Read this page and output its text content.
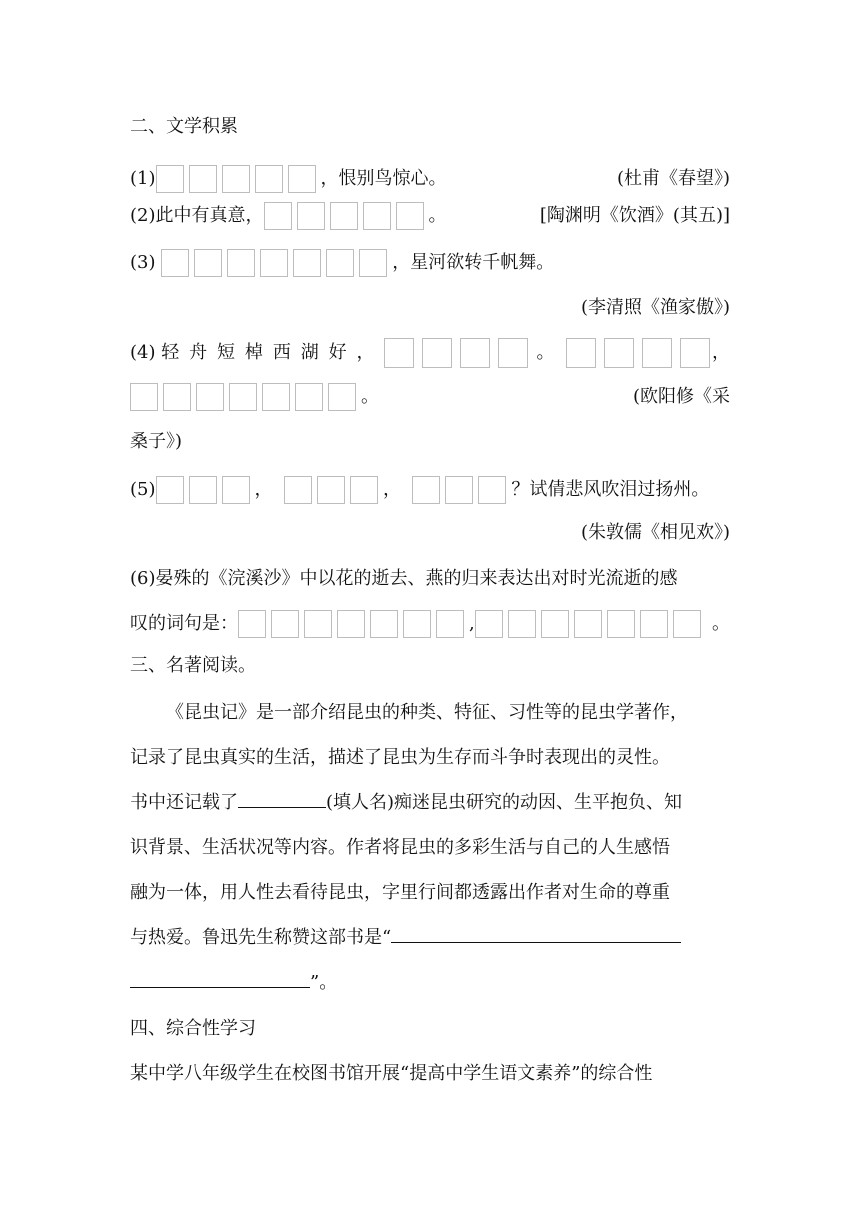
二、文学积累
(1)	，恨别鸟惊心。	(杜甫《春望》)
(2)此中有真意，	。	[陶渊明《饮酒》(其五)]
(3)	，星河欲转千帆舞。
(李清照《渔家傲》)
(4) 轻舟短棹西湖好，	。	，
。	(欧阳修《采
桑子》)
(5)	，	，	？试倩悲风吹泪过扬州。
(朱敦儒《相见欢》)
(6)晏殊的《浣溪沙》中以花的逝去、燕的归来表达出对时光流逝的感
叹的词句是：	,	。
三、名著阅读。
《昆虫记》是一部介绍昆虫的种类、特征、习性等的昆虫学著作，
记录了昆虫真实的生活，描述了昆虫为生存而斗争时表现出的灵性。
书中还记载了	(填人名)痴迷昆虫研究的动因、生平抱负、知
识背景、生活状况等内容。作者将昆虫的多彩生活与自己的人生感悟
融为一体，用人性去看待昆虫，字里行间都透露出作者对生命的尊重
与热爱。鲁迅先生称赞这部书是“
”。
四、综合性学习
某中学八年级学生在校图书馆开展“提高中学生语文素养”的综合性
